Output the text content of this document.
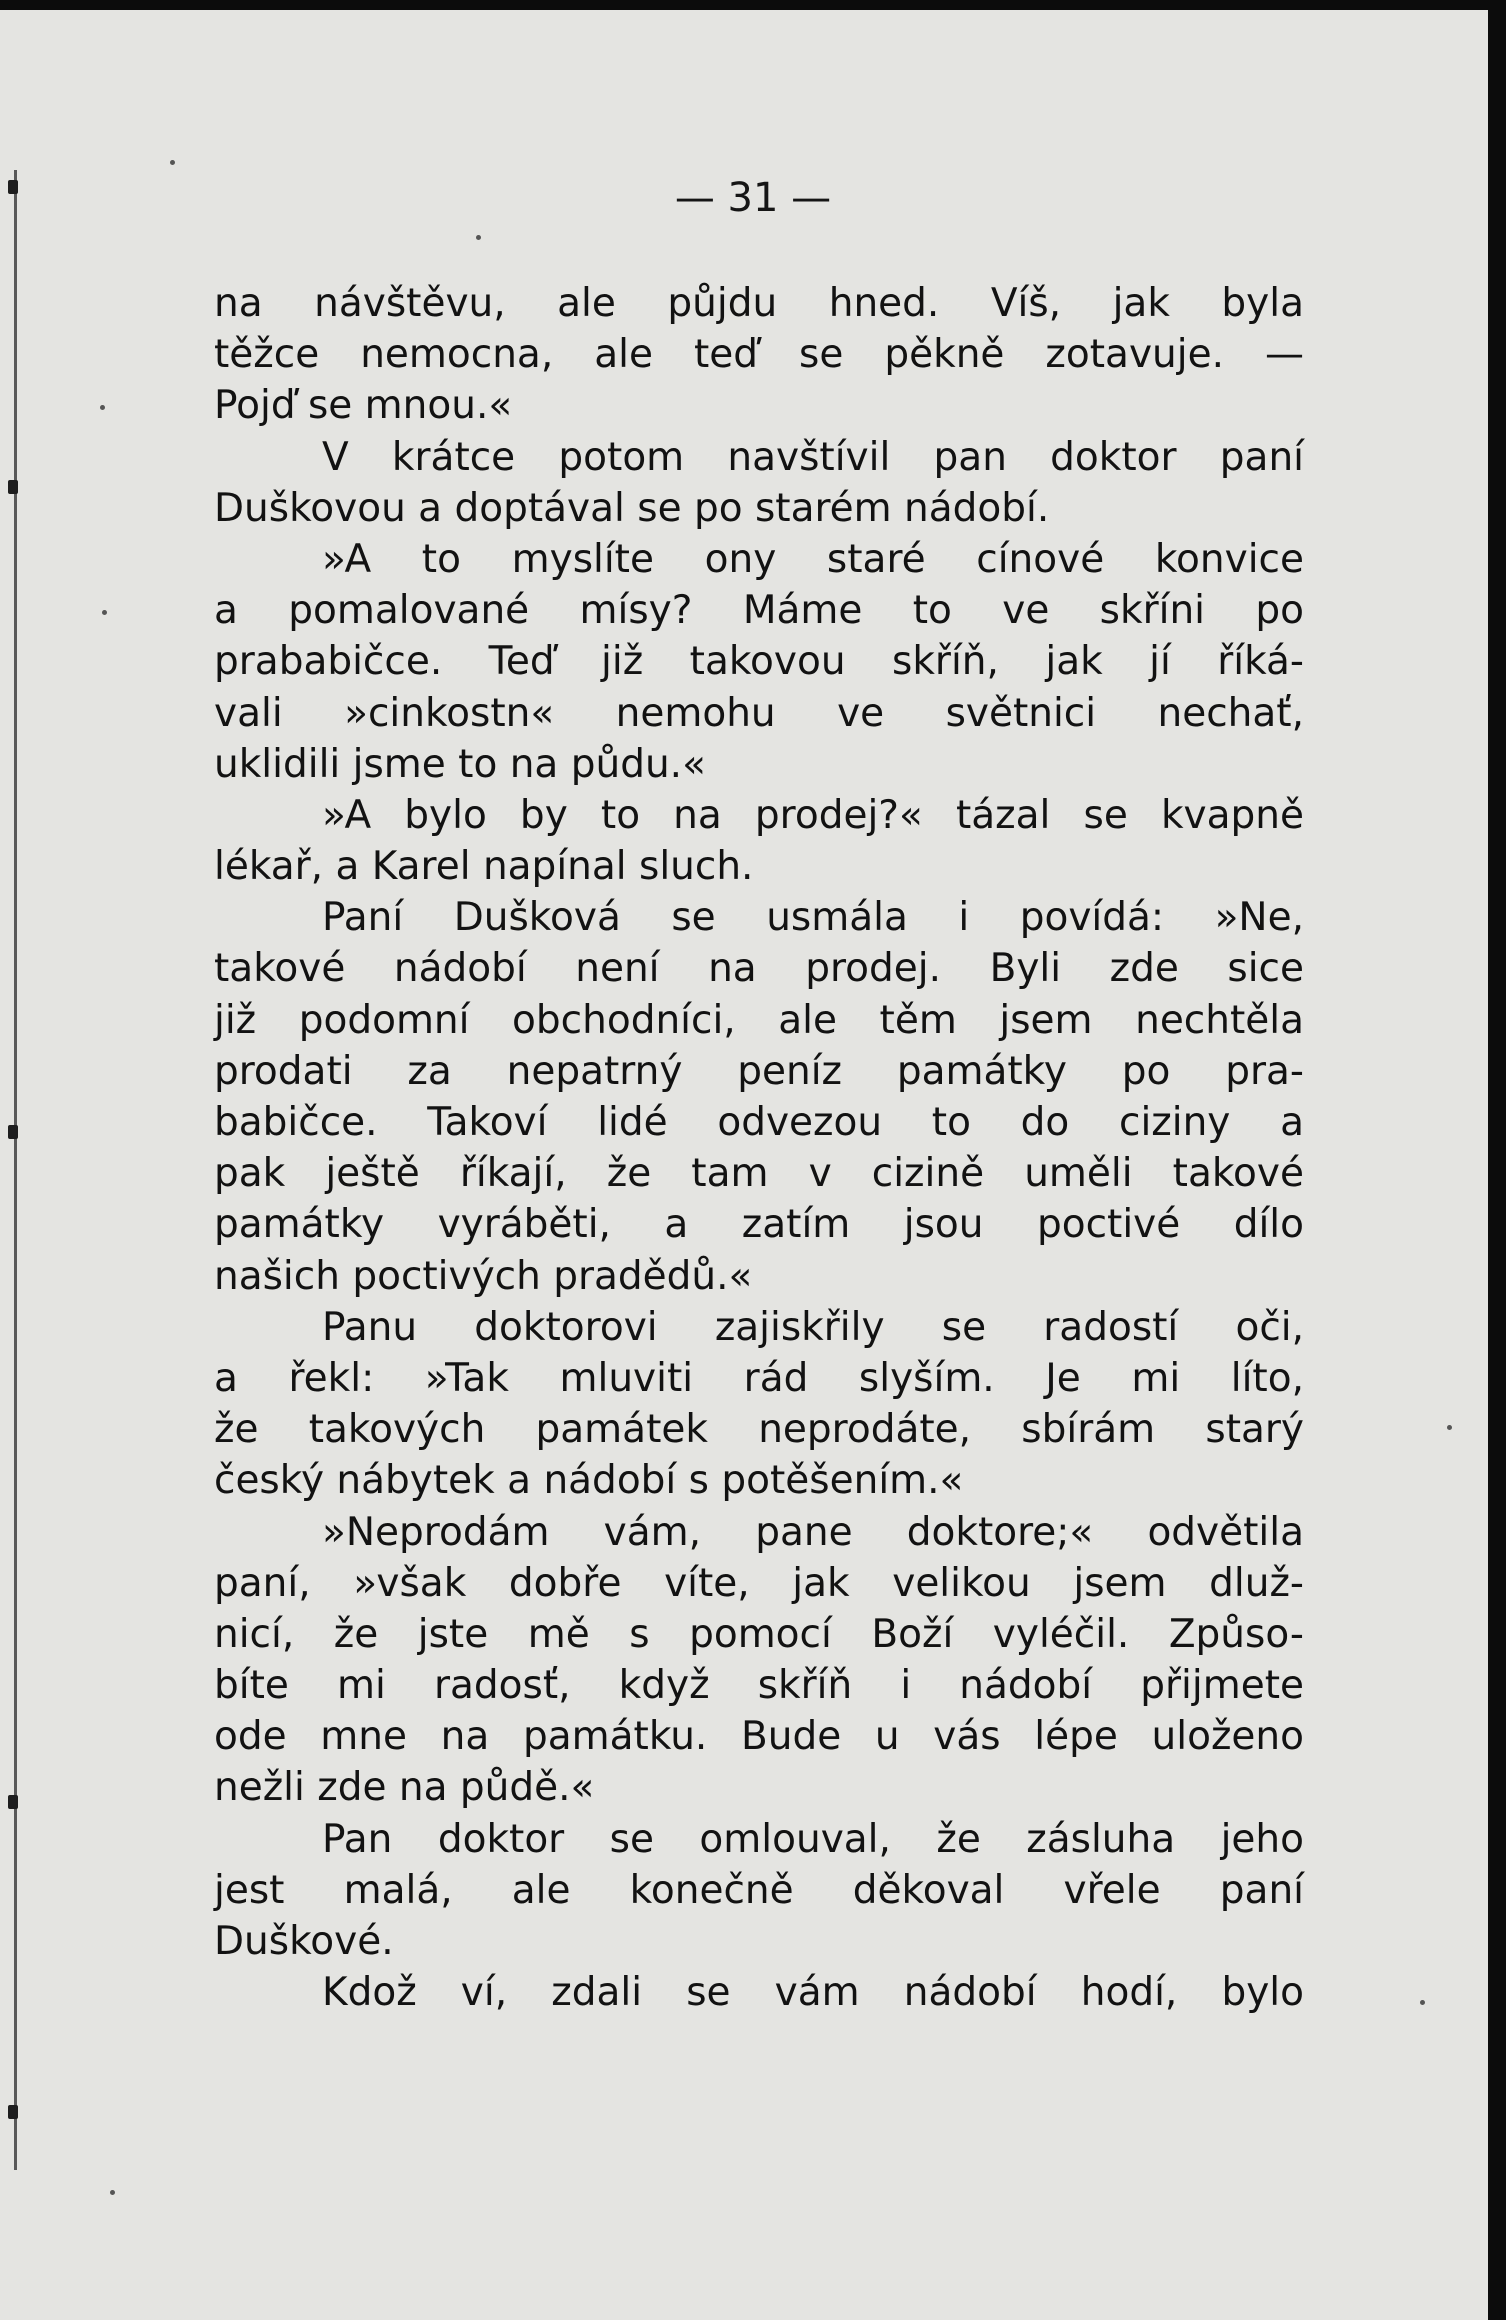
— 31 —
na návštěvu, ale půjdu hned. Víš, jak byla
těžce nemocna, ale teď se pěkně zotavuje. —
Pojď se mnou.«
V krátce potom navštívil pan doktor paní
Duškovou a doptával se po starém nádobí.
»A to myslíte ony staré cínové konvice
a pomalované mísy? Máme to ve skříni po
prababičce. Teď již takovou skříň, jak jí říká-
vali »cinkostn« nemohu ve světnici nechať,
uklidili jsme to na půdu.«
»A bylo by to na prodej?« tázal se kvapně
lékař, a Karel napínal sluch.
Paní Dušková se usmála i povídá: »Ne,
takové nádobí není na prodej. Byli zde sice
již podomní obchodníci, ale těm jsem nechtěla
prodati za nepatrný peníz památky po pra-
babičce. Takoví lidé odvezou to do ciziny a
pak ještě říkají, že tam v cizině uměli takové
památky vyráběti, a zatím jsou poctivé dílo
našich poctivých pradědů.«
Panu doktorovi zajiskřily se radostí oči,
a řekl: »Tak mluviti rád slyším. Je mi líto,
že takových památek neprodáte, sbírám starý
český nábytek a nádobí s potěšením.«
»Neprodám vám, pane doktore;« odvětila
paní, »však dobře víte, jak velikou jsem dluž-
nicí, že jste mě s pomocí Boží vyléčil. Způso-
bíte mi radosť, když skříň i nádobí přijmete
ode mne na památku. Bude u vás lépe uloženo
nežli zde na půdě.«
Pan doktor se omlouval, že zásluha jeho
jest malá, ale konečně děkoval vřele paní
Duškové.
Kdož ví, zdali se vám nádobí hodí, bylo
